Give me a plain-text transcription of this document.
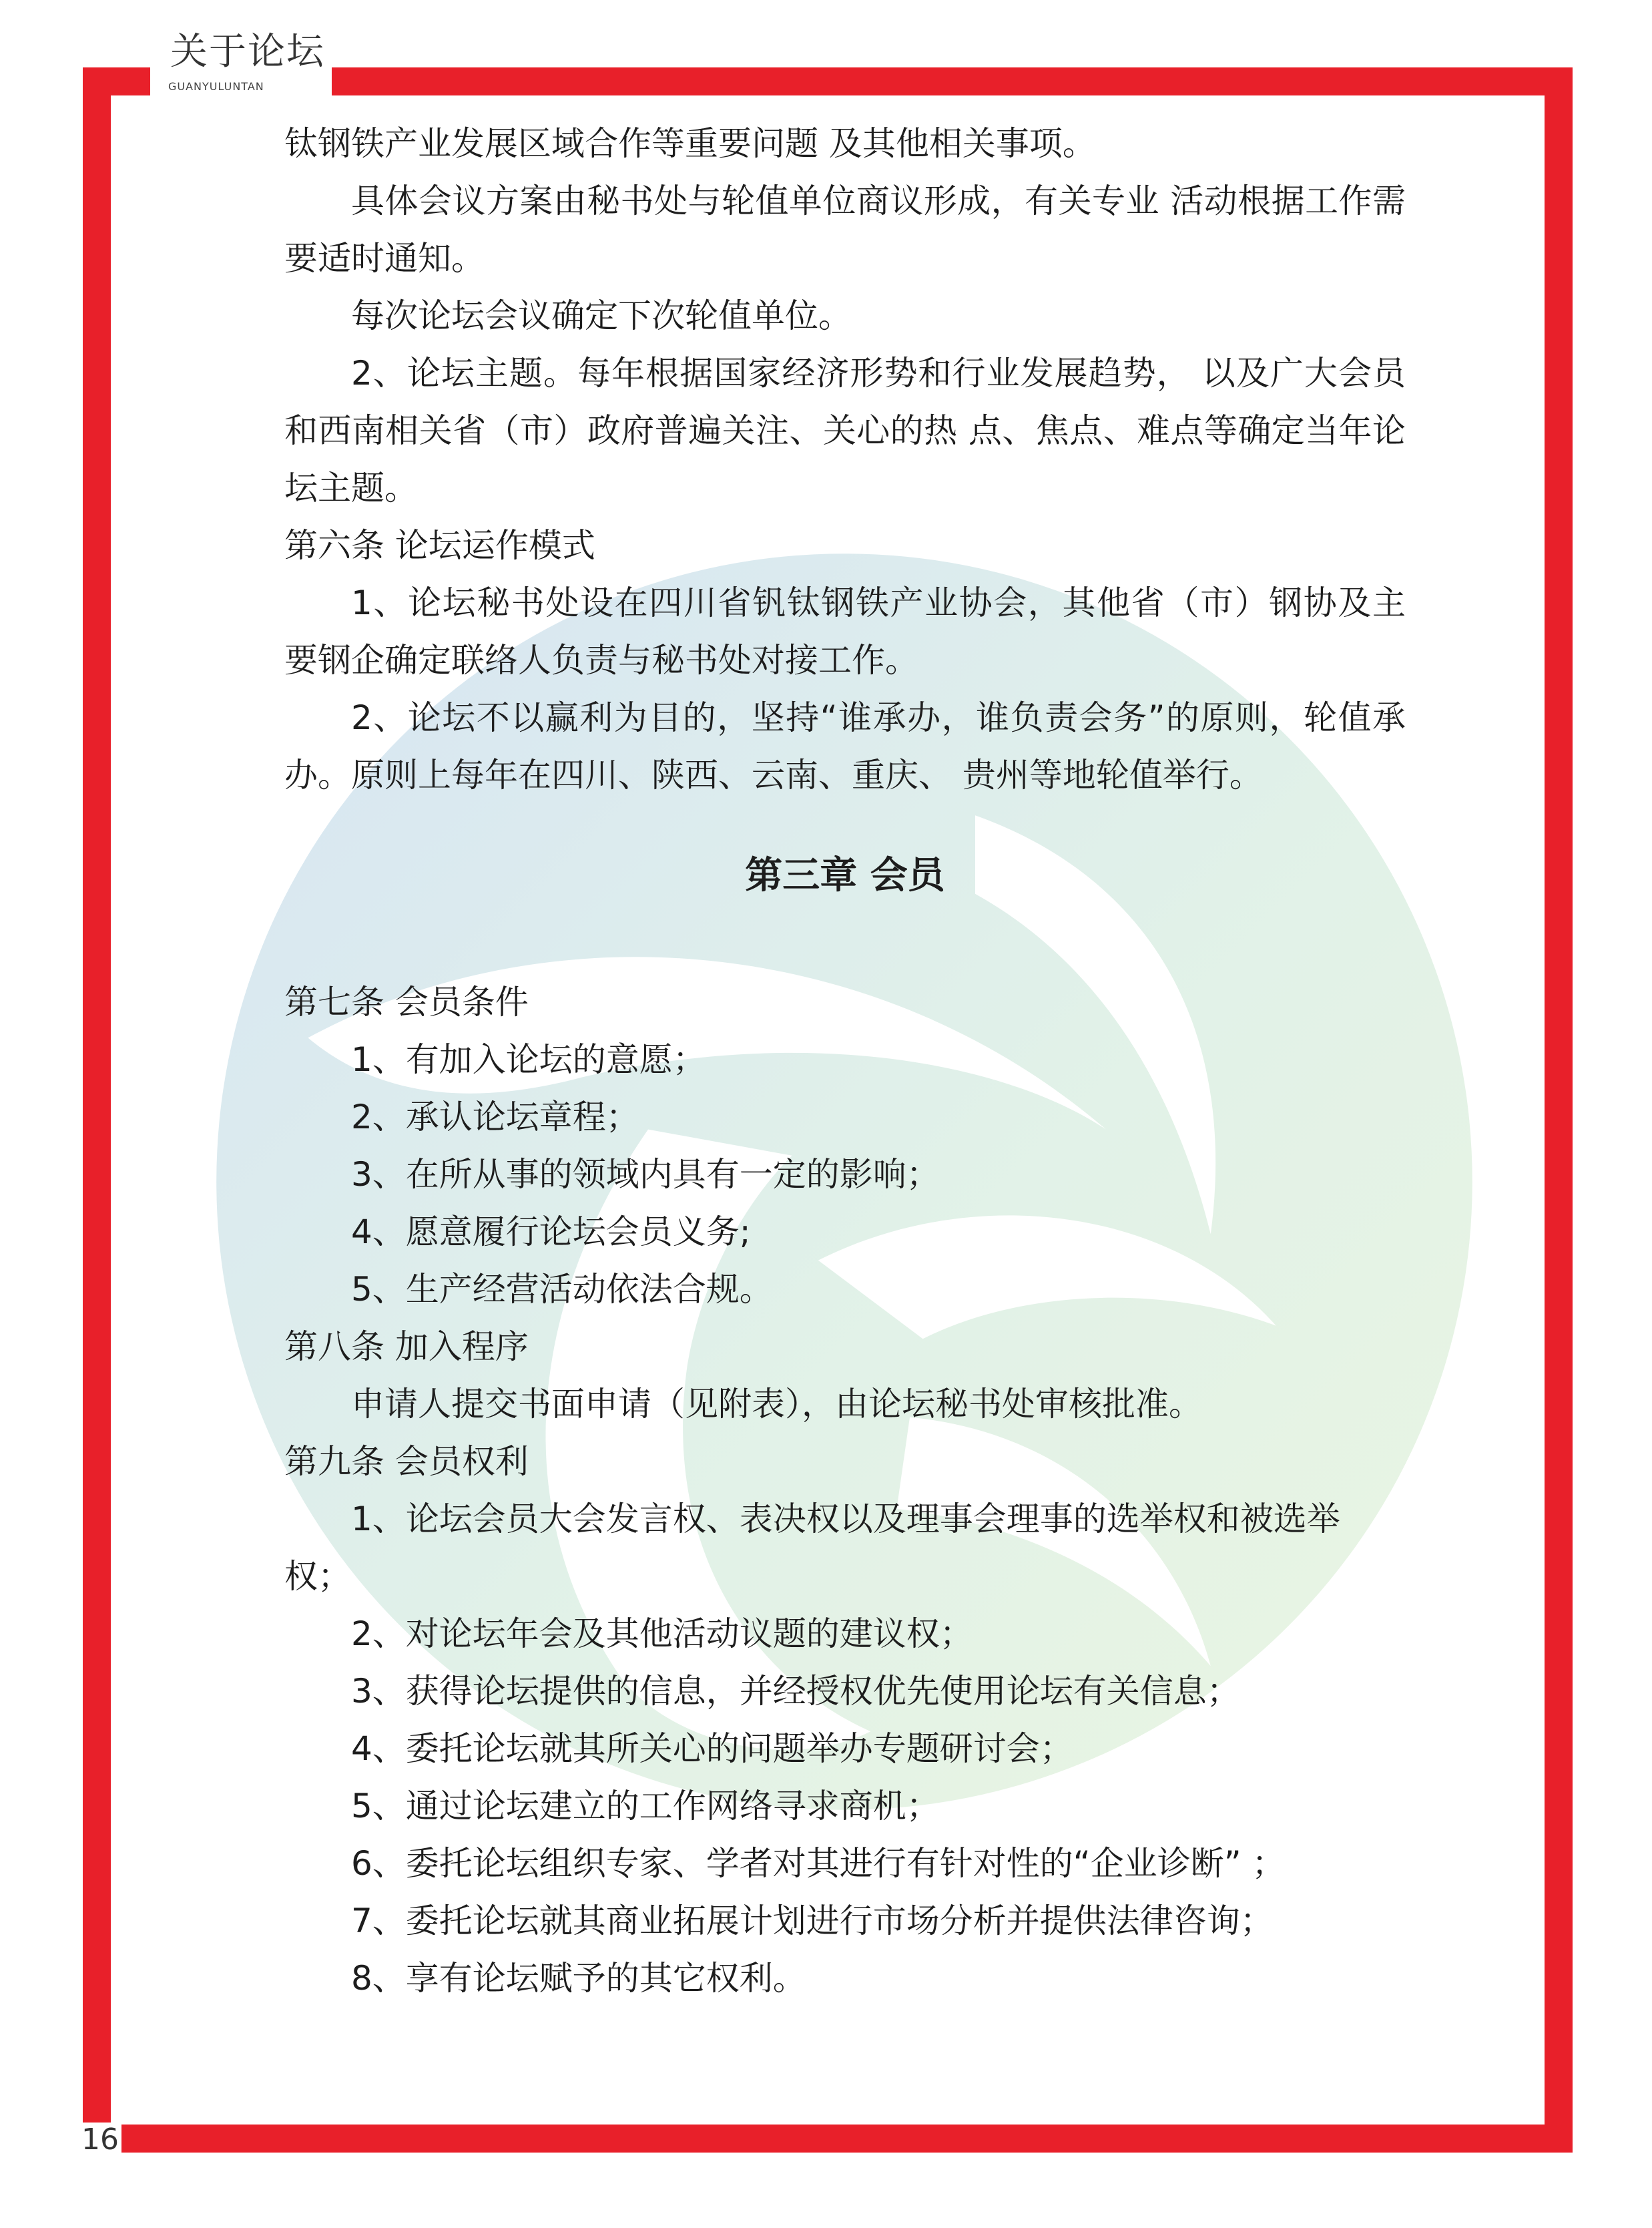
关于论坛
GUANYULUNTAN
16

钛钢铁产业发展区域合作等重要问题 及其他相关事项。

具体会议方案由秘书处与轮值单位商议形成，有关专业 活动根据工作需要适时通知。

每次论坛会议确定下次轮值单位。

2、论坛主题。每年根据国家经济形势和行业发展趋势， 以及广大会员和西南相关省（市）政府普遍关注、关心的热 点、焦点、难点等确定当年论坛主题。

第六条 论坛运作模式

1、论坛秘书处设在四川省钒钛钢铁产业协会，其他省（市）钢协及主要钢企确定联络人负责与秘书处对接工作。

2、论坛不以赢利为目的，坚持“谁承办，谁负责会务”的原则，轮值承办。原则上每年在四川、陕西、云南、重庆、 贵州等地轮值举行。

第三章 会员

第七条 会员条件

1、有加入论坛的意愿；

2、承认论坛章程；

3、在所从事的领域内具有一定的影响；

4、愿意履行论坛会员义务;

5、生产经营活动依法合规。

第八条 加入程序

申请人提交书面申请（见附表），由论坛秘书处审核批准。

第九条 会员权利

1、论坛会员大会发言权、表决权以及理事会理事的选举权和被选举权；

2、对论坛年会及其他活动议题的建议权；

3、获得论坛提供的信息，并经授权优先使用论坛有关信息；

4、委托论坛就其所关心的问题举办专题研讨会；

5、通过论坛建立的工作网络寻求商机；

6、委托论坛组织专家、学者对其进行有针对性的“企业诊断” ；

7、委托论坛就其商业拓展计划进行市场分析并提供法律咨询；

8、享有论坛赋予的其它权利。
